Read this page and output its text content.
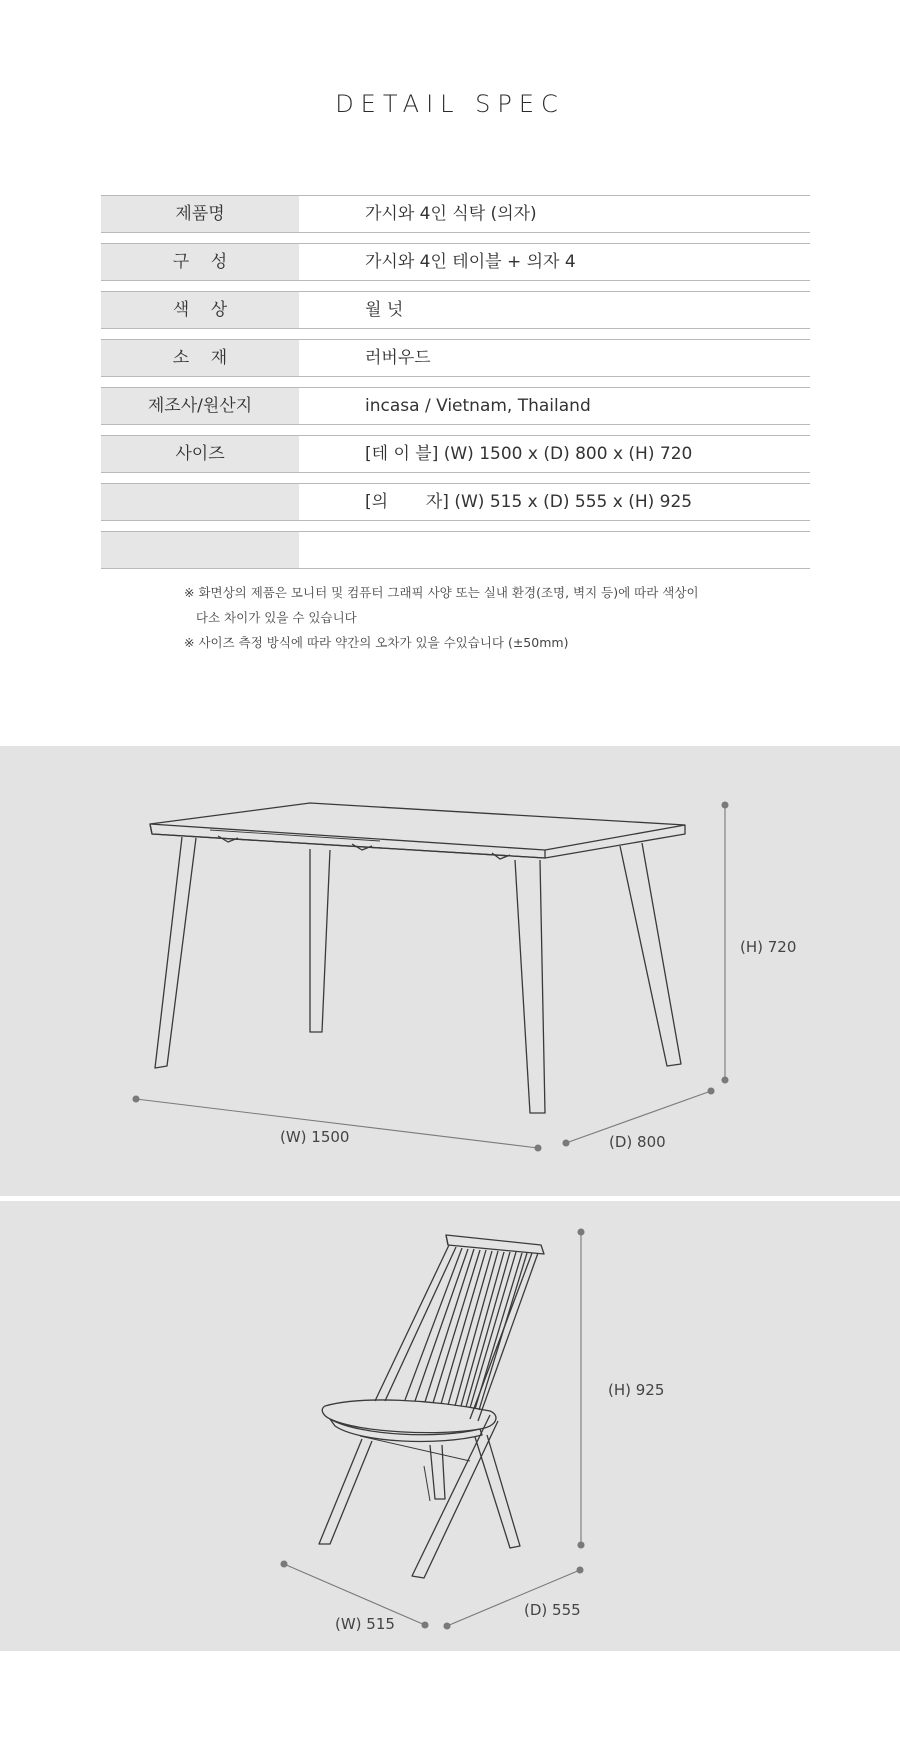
DETAIL SPEC
제품명	가시와 4인 식탁 (의자)
구    성	가시와 4인 테이블 + 의자 4
색    상	월 넛
소    재	러버우드
제조사/원산지	incasa / Vietnam, Thailand
사이즈	[테 이 블] (W) 1500 x (D) 800 x (H) 720
[의       자] (W) 515 x (D) 555 x (H) 925
※ 화면상의 제품은 모니터 및 컴퓨터 그래픽 사양 또는 실내 환경(조명, 벽지 등)에 따라 색상이
다소 차이가 있을 수 있습니다
※ 사이즈 측정 방식에 따라 약간의 오차가 있을 수있습니다 (±50mm)
(H) 720
(W) 1500	(D) 800
(H) 925
(W) 515
(D) 555
